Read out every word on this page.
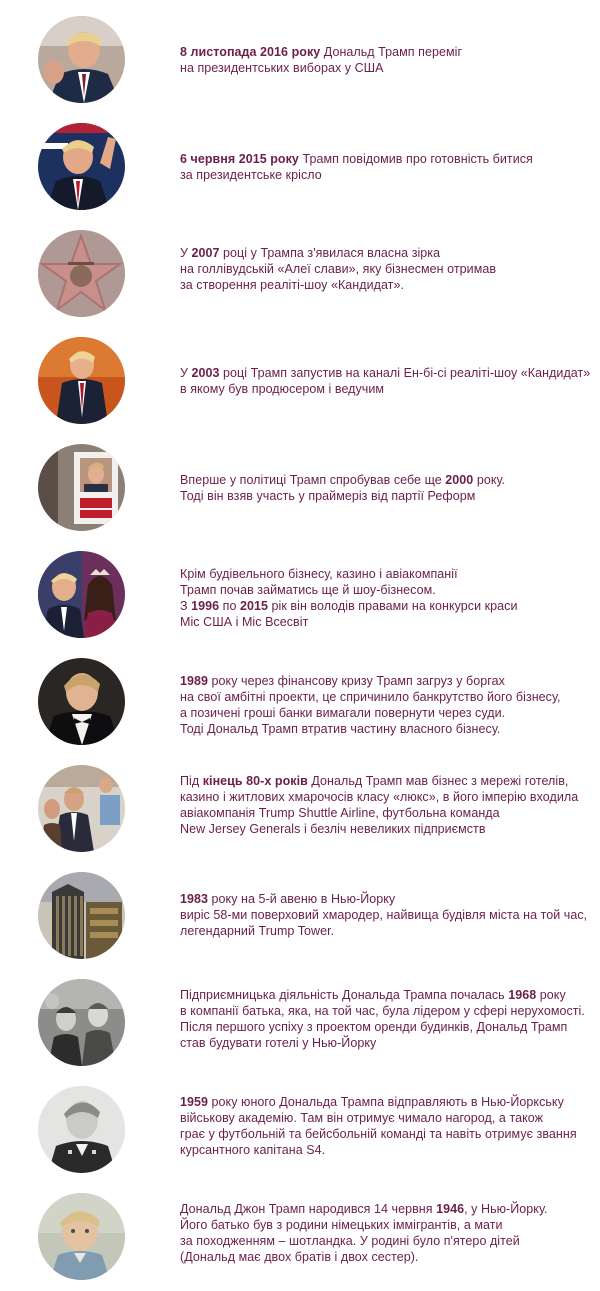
8 листопада 2016 року Дональд Трамп переміг
на президентських виборах у США
6 червня 2015 року Трамп повідомив про готовність битися
за президентське крісло
У 2007 році у Трампа з'явилася власна зірка
на голлівудській «Алеї слави», яку бізнесмен отримав
за створення реаліті-шоу «Кандидат».
У 2003 році Трамп запустив на каналі Ен-бі-сі реаліті-шоу «Кандидат»
в якому був продюсером і ведучим
Вперше у політиці Трамп спробував себе ще 2000 року.
Тоді він взяв участь у праймеріз від партії Реформ
Крім будівельного бізнесу, казино і авіакомпанії
Трамп почав займатись ще й шоу-бізнесом.
З 1996 по 2015 рік він володів правами на конкурси краси
Міс США і Міс Всесвіт
1989 року через фінансову кризу Трамп загруз у боргах
на свої амбітні проекти, це спричинило банкрутство його бізнесу,
а позичені гроші банки вимагали повернути через суди.
Тоді Дональд Трамп втратив частину власного бізнесу.
Під кінець 80-х років Дональд Трамп мав бізнес з мережі готелів,
казино і житлових хмарочосів класу «люкс», в його імперію входила
авіакомпанія Trump Shuttle Airline, футбольна команда
New Jersey Generals і безліч невеликих підприємств
1983 року на 5-й авеню в Нью-Йорку
виріс 58-ми поверховий хмародер, найвища будівля міста на той час,
легендарний Trump Tower.
Підприємницька діяльність Дональда Трампа почалась 1968 року
в компанії батька, яка, на той час, була лідером у сфері нерухомості.
Після першого успіху з проектом оренди будинків, Дональд Трамп
став будувати готелі у Нью-Йорку
1959 року юного Дональда Трампа відправляють в Нью-Йоркську
військову академію. Там він отримує чимало нагород, а також
грає у футбольній та бейсбольній команді та навіть отримує звання
курсантного капітана S4.
Дональд Джон Трамп народився 14 червня 1946, у Нью-Йорку.
Його батько був з родини німецьких іммігрантів, а мати
за походженням – шотландка. У родині було п'ятеро дітей
(Дональд має двох братів і двох сестер).
